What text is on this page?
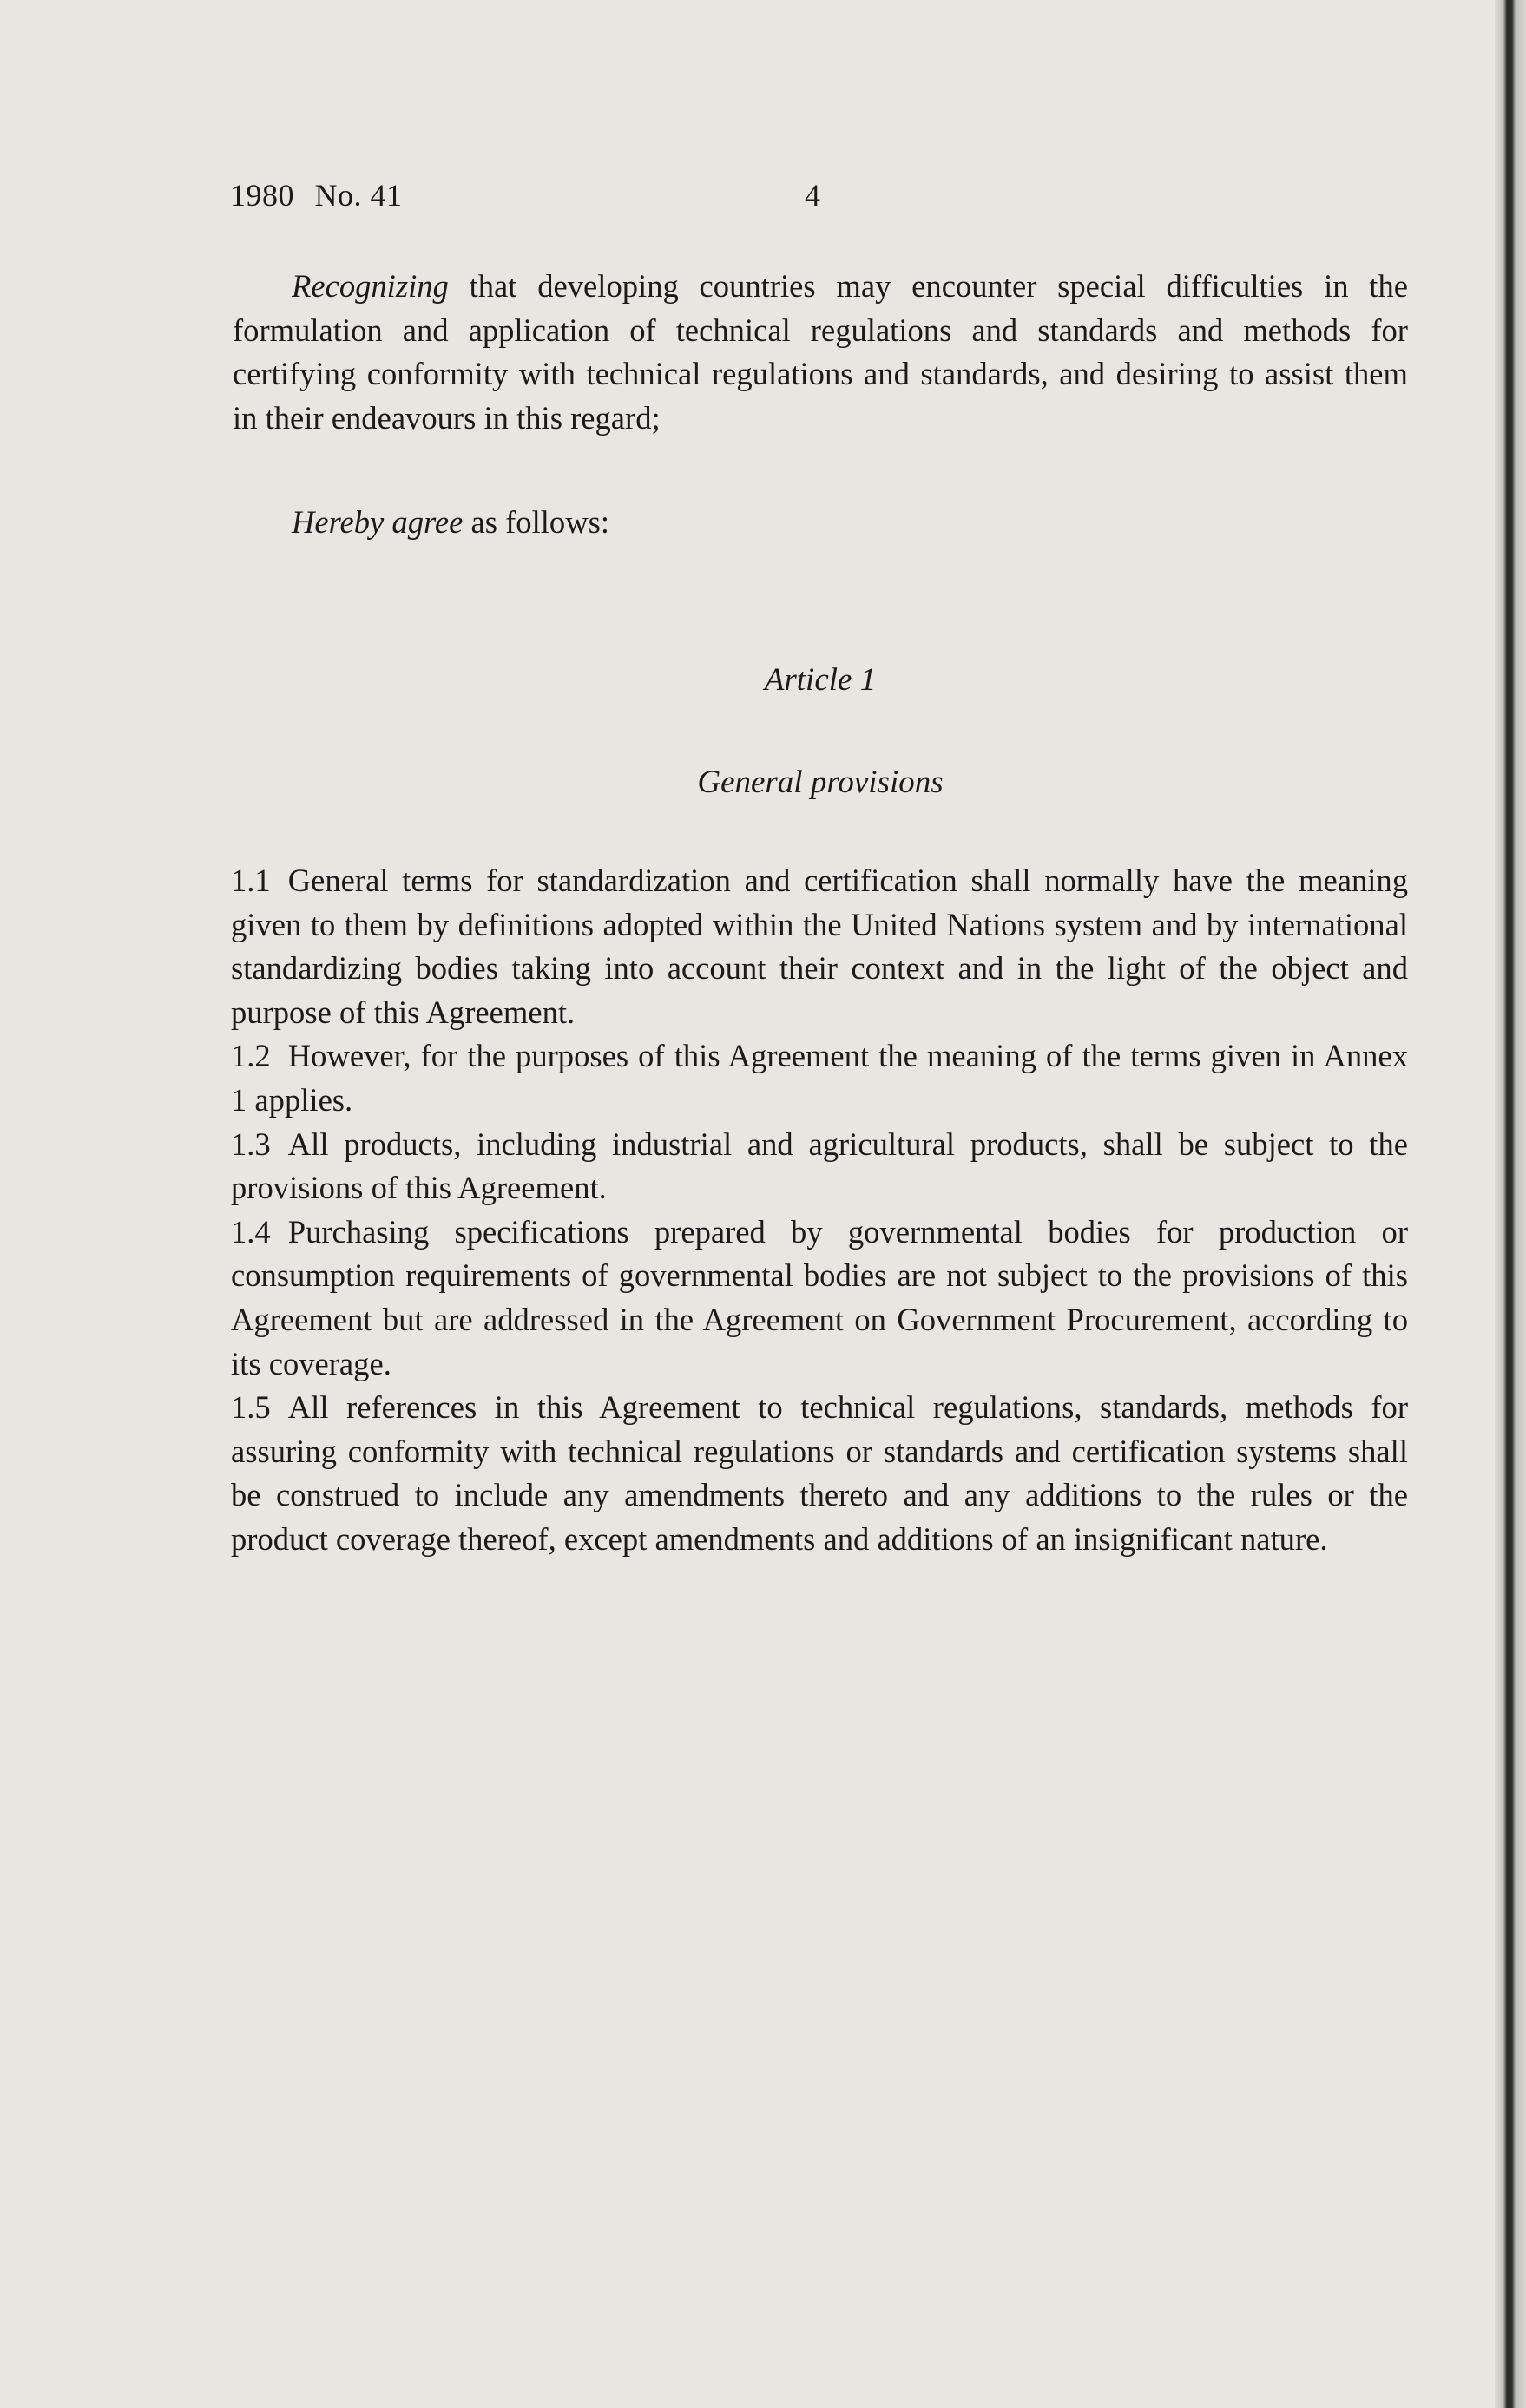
1980 No. 41	4
Recognizing that developing countries may encounter special difficulties in the formulation and application of technical regulations and standards and methods for certifying conformity with technical regulations and standards, and desiring to assist them in their endeavours in this regard;
Hereby agree as follows:
Article 1
General provisions
1.1 General terms for standardization and certification shall normally have the meaning given to them by definitions adopted within the United Nations system and by international standardizing bodies taking into account their context and in the light of the object and purpose of this Agreement.
1.2 However, for the purposes of this Agreement the meaning of the terms given in Annex 1 applies.
1.3 All products, including industrial and agricultural products, shall be subject to the provisions of this Agreement.
1.4 Purchasing specifications prepared by governmental bodies for production or consumption requirements of governmental bodies are not subject to the provisions of this Agreement but are addressed in the Agreement on Government Procurement, according to its coverage.
1.5 All references in this Agreement to technical regulations, standards, methods for assuring conformity with technical regulations or standards and certification systems shall be construed to include any amendments thereto and any additions to the rules or the product coverage thereof, except amendments and additions of an insignificant nature.
